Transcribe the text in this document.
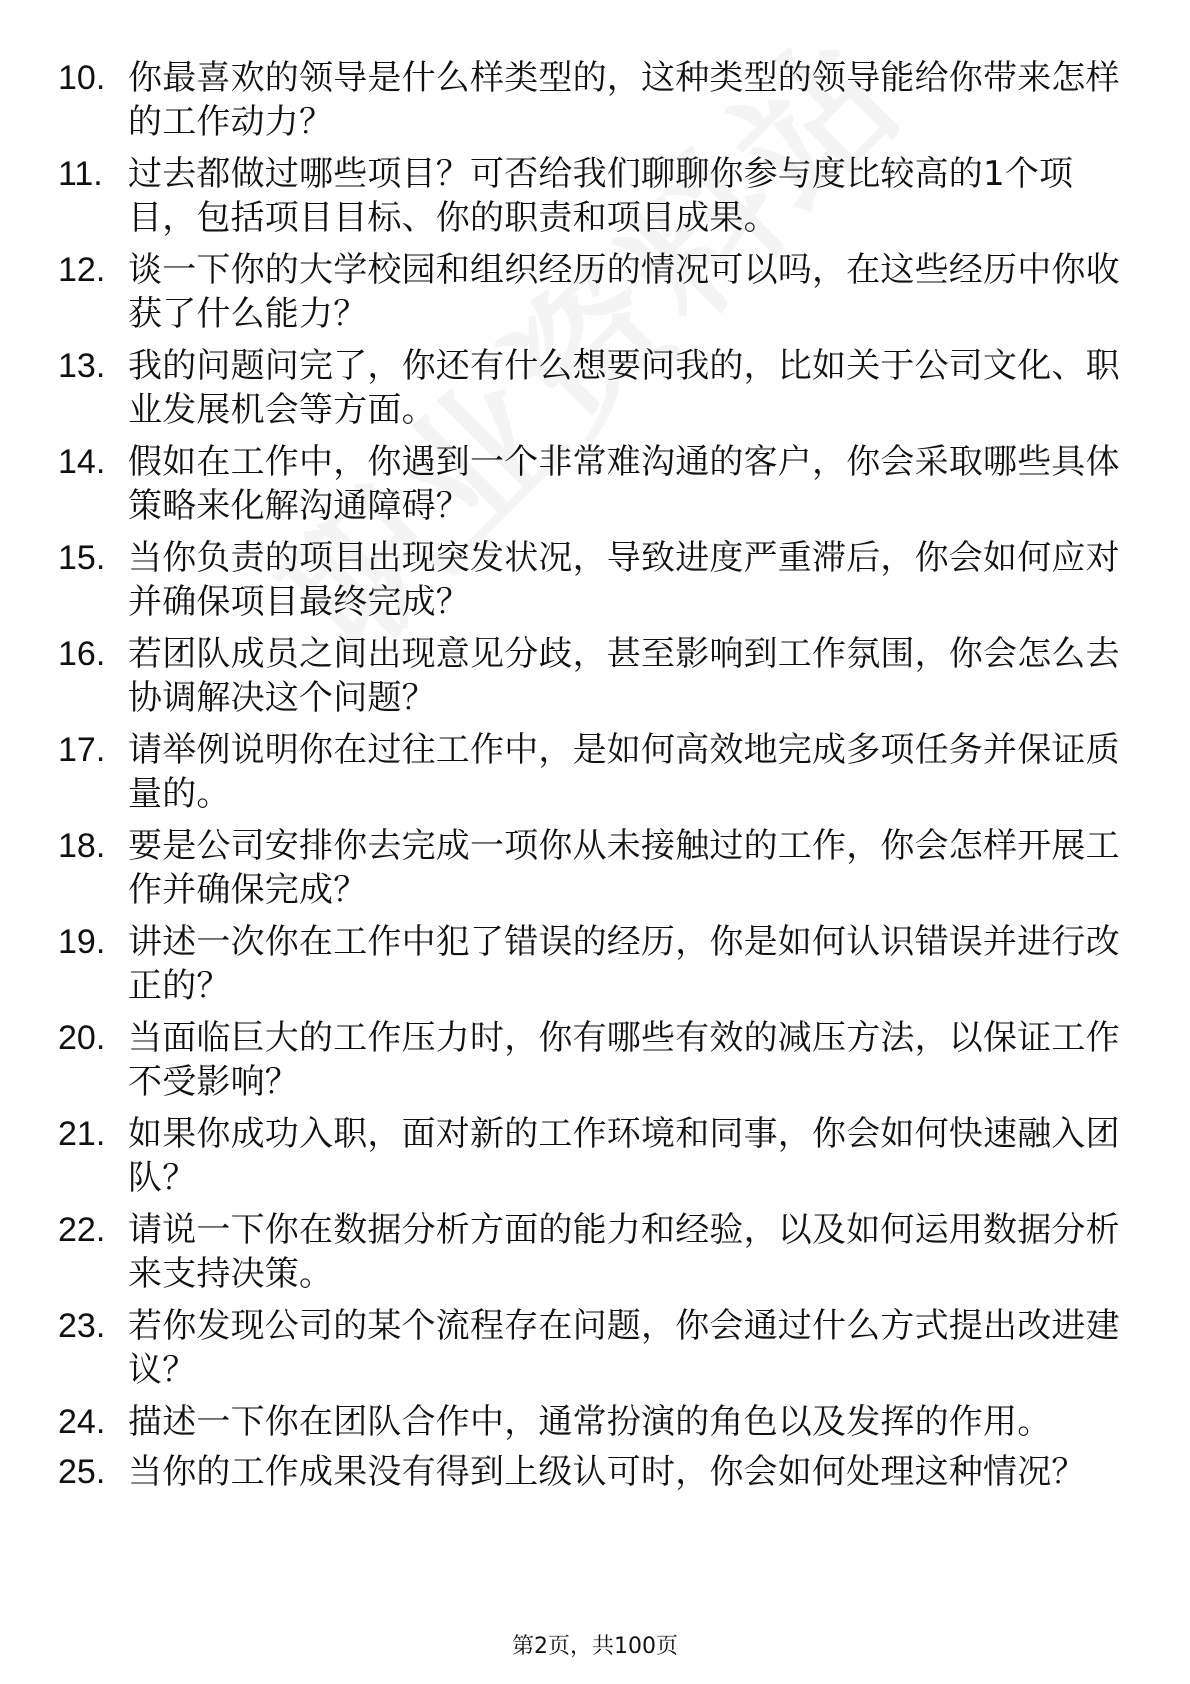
10. 你最喜欢的领导是什么样类型的，这种类型的领导能给你带来怎样的工作动力？
11. 过去都做过哪些项目？可否给我们聊聊你参与度比较高的1个项目，包括项目目标、你的职责和项目成果。
12. 谈一下你的大学校园和组织经历的情况可以吗，在这些经历中你收获了什么能力？
13. 我的问题问完了，你还有什么想要问我的，比如关于公司文化、职业发展机会等方面。
14. 假如在工作中，你遇到一个非常难沟通的客户，你会采取哪些具体策略来化解沟通障碍？
15. 当你负责的项目出现突发状况，导致进度严重滞后，你会如何应对并确保项目最终完成？
16. 若团队成员之间出现意见分歧，甚至影响到工作氛围，你会怎么去协调解决这个问题？
17. 请举例说明你在过往工作中，是如何高效地完成多项任务并保证质量的。
18. 要是公司安排你去完成一项你从未接触过的工作，你会怎样开展工作并确保完成？
19. 讲述一次你在工作中犯了错误的经历，你是如何认识错误并进行改正的？
20. 当面临巨大的工作压力时，你有哪些有效的减压方法，以保证工作不受影响？
21. 如果你成功入职，面对新的工作环境和同事，你会如何快速融入团队？
22. 请说一下你在数据分析方面的能力和经验，以及如何运用数据分析来支持决策。
23. 若你发现公司的某个流程存在问题，你会通过什么方式提出改进建议？
24. 描述一下你在团队合作中，通常扮演的角色以及发挥的作用。
25. 当你的工作成果没有得到上级认可时，你会如何处理这种情况？
第2页，共100页
